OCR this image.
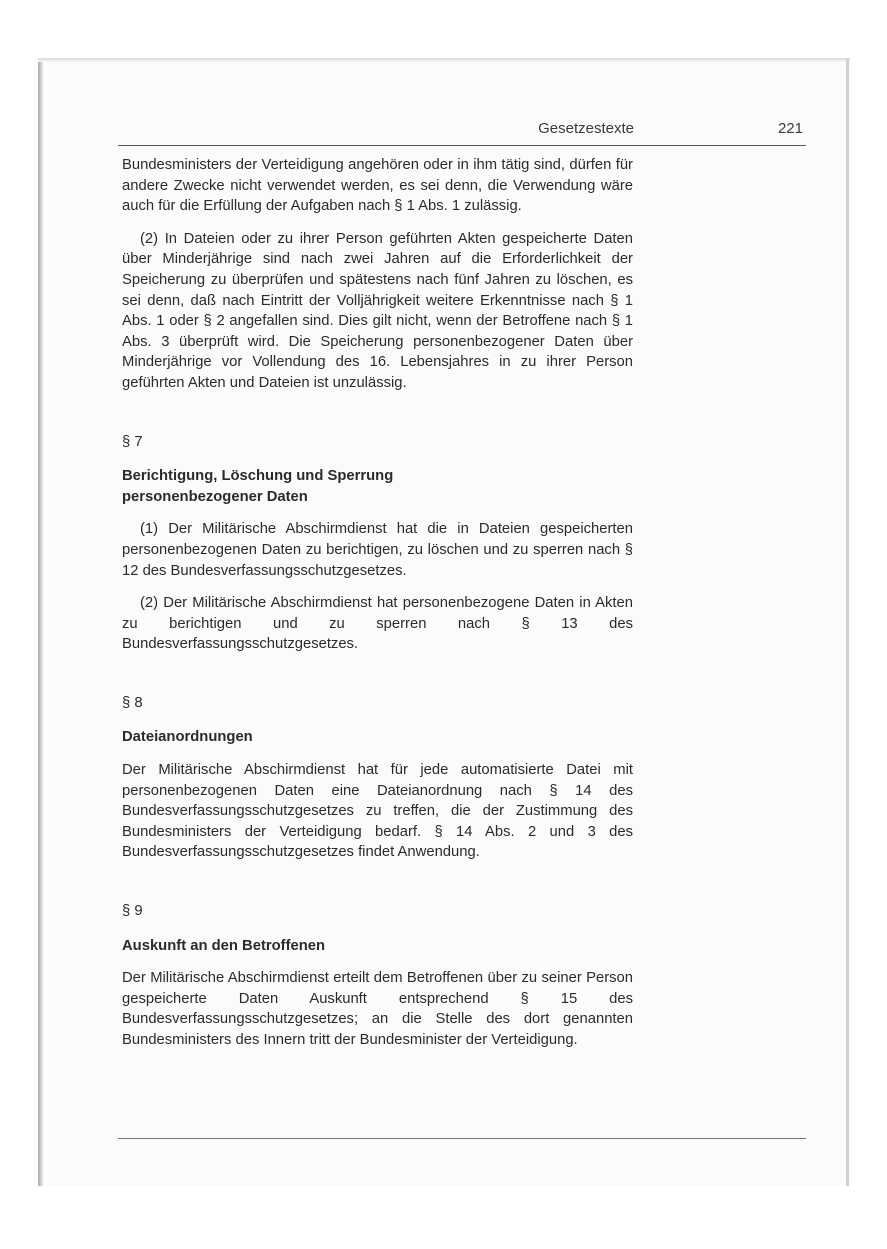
Gesetzestexte	221

Bundesministers der Verteidigung angehören oder in ihm tätig sind, dürfen für andere Zwecke nicht verwendet werden, es sei denn, die Verwendung wäre auch für die Erfüllung der Aufgaben nach § 1 Abs. 1 zulässig.

(2) In Dateien oder zu ihrer Person geführten Akten gespeicherte Daten über Minderjährige sind nach zwei Jahren auf die Erforderlichkeit der Speicherung zu überprüfen und spätestens nach fünf Jahren zu löschen, es sei denn, daß nach Eintritt der Volljährigkeit weitere Erkenntnisse nach § 1 Abs. 1 oder § 2 angefallen sind. Dies gilt nicht, wenn der Betroffene nach § 1 Abs. 3 überprüft wird. Die Speicherung personenbezogener Daten über Minderjährige vor Vollendung des 16. Lebensjahres in zu ihrer Person geführten Akten und Dateien ist unzulässig.

§ 7

Berichtigung, Löschung und Sperrung

personenbezogener Daten

(1) Der Militärische Abschirmdienst hat die in Dateien gespeicherten personenbezogenen Daten zu berichtigen, zu löschen und zu sperren nach § 12 des Bundesverfassungsschutzgesetzes.

(2) Der Militärische Abschirmdienst hat personenbezogene Daten in Akten zu berichtigen und zu sperren nach § 13 des Bundesverfassungsschutzgesetzes.

§ 8

Dateianordnungen

Der Militärische Abschirmdienst hat für jede automatisierte Datei mit personenbezogenen Daten eine Dateianordnung nach § 14 des Bundesverfassungsschutzgesetzes zu treffen, die der Zustimmung des Bundesministers der Verteidigung bedarf. § 14 Abs. 2 und 3 des Bundesverfassungsschutzgesetzes findet Anwendung.

§ 9

Auskunft an den Betroffenen

Der Militärische Abschirmdienst erteilt dem Betroffenen über zu seiner Person gespeicherte Daten Auskunft entsprechend § 15 des Bundesverfassungsschutzgesetzes; an die Stelle des dort genannten Bundesministers des Innern tritt der Bundesminister der Verteidigung.
